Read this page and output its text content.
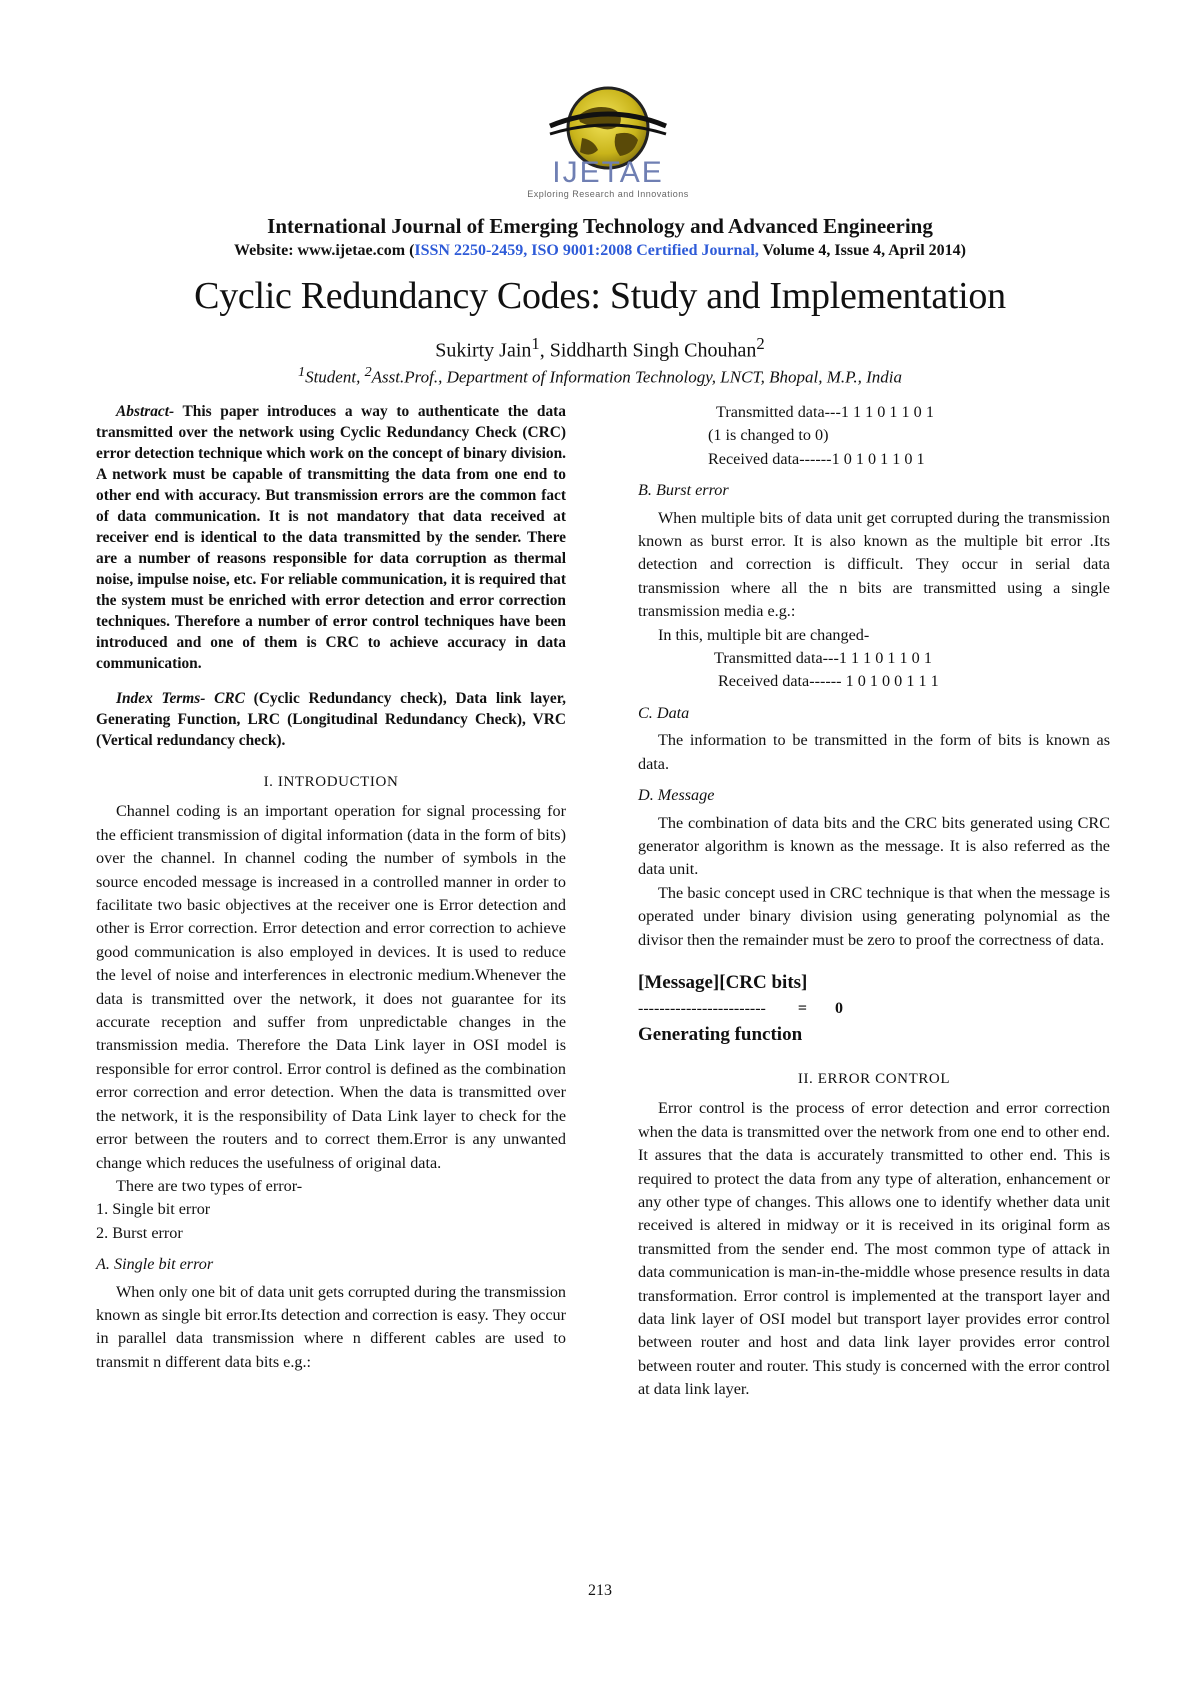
IJETAE
Exploring Research and Innovations
International Journal of Emerging Technology and Advanced Engineering
Website: www.ijetae.com (ISSN 2250-2459, ISO 9001:2008 Certified Journal, Volume 4, Issue 4, April 2014)
Cyclic Redundancy Codes: Study and Implementation
Sukirty Jain$^1$, Siddharth Singh Chouhan$^2$
$^1$Student, $^2$Asst.Prof., Department of Information Technology, LNCT, Bhopal, M.P., India

Abstract- This paper introduces a way to authenticate the data transmitted over the network using Cyclic Redundancy Check (CRC) error detection technique which work on the concept of binary division. A network must be capable of transmitting the data from one end to other end with accuracy. But transmission errors are the common fact of data communication. It is not mandatory that data received at receiver end is identical to the data transmitted by the sender. There are a number of reasons responsible for data corruption as thermal noise, impulse noise, etc. For reliable communication, it is required that the system must be enriched with error detection and error correction techniques. Therefore a number of error control techniques have been introduced and one of them is CRC to achieve accuracy in data communication.

Index Terms- CRC (Cyclic Redundancy check), Data link layer, Generating Function, LRC (Longitudinal Redundancy Check), VRC (Vertical redundancy check).

I. INTRODUCTION

Channel coding is an important operation for signal processing for the efficient transmission of digital information (data in the form of bits) over the channel. In channel coding the number of symbols in the source encoded message is increased in a controlled manner in order to facilitate two basic objectives at the receiver one is Error detection and other is Error correction. Error detection and error correction to achieve good communication is also employed in devices. It is used to reduce the level of noise and interferences in electronic medium.Whenever the data is transmitted over the network, it does not guarantee for its accurate reception and suffer from unpredictable changes in the transmission media. Therefore the Data Link layer in OSI model is responsible for error control. Error control is defined as the combination error correction and error detection. When the data is transmitted over the network, it is the responsibility of Data Link layer to check for the error between the routers and to correct them.Error is any unwanted change which reduces the usefulness of original data.

There are two types of error-

1. Single bit error
2. Burst error
A. Single bit error

When only one bit of data unit gets corrupted during the transmission known as single bit error.Its detection and correction is easy. They occur in parallel data transmission where n different cables are used to transmit n different data bits e.g.:

Transmitted data---1 1 1 0 1 1 0 1
(1 is changed to 0)
Received data------1 0 1 0 1 1 0 1
B. Burst error

When multiple bits of data unit get corrupted during the transmission known as burst error. It is also known as the multiple bit error .Its detection and correction is difficult. They occur in serial data transmission where all the n bits are transmitted using a single transmission media e.g.:

In this, multiple bit are changed-

Transmitted data---1 1 1 0 1 1 0 1
Received data------ 1 0 1 0 0 1 1 1
C. Data

The information to be transmitted in the form of bits is known as data.

D. Message

The combination of data bits and the CRC bits generated using CRC generator algorithm is known as the message. It is also referred as the data unit.

The basic concept used in CRC technique is that when the message is operated under binary division using generating polynomial as the divisor then the remainder must be zero to proof the correctness of data.

[Message][CRC bits]
------------------------ = 0
Generating function
II. ERROR CONTROL

Error control is the process of error detection and error correction when the data is transmitted over the network from one end to other end. It assures that the data is accurately transmitted to other end. This is required to protect the data from any type of alteration, enhancement or any other type of changes. This allows one to identify whether data unit received is altered in midway or it is received in its original form as transmitted from the sender end. The most common type of attack in data communication is man-in-the-middle whose presence results in data transformation. Error control is implemented at the transport layer and data link layer of OSI model but transport layer provides error control between router and host and data link layer provides error control between router and router. This study is concerned with the error control at data link layer.

213
